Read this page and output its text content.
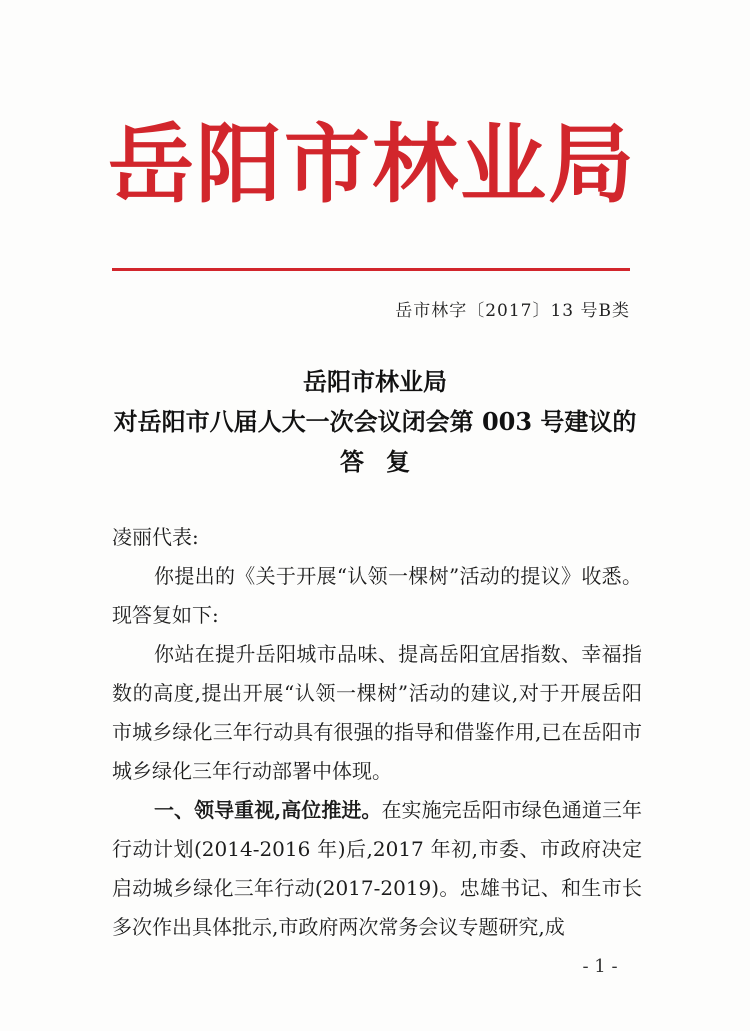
岳阳市林业局
岳市林字〔2017〕13 号B类
岳阳市林业局
对岳阳市八届人大一次会议闭会第 003 号建议的
答复

凌丽代表:

你提出的《关于开展“认领一棵树”活动的提议》收悉。现答复如下:

你站在提升岳阳城市品味、提高岳阳宜居指数、幸福指数的高度,提出开展“认领一棵树”活动的建议,对于开展岳阳市城乡绿化三年行动具有很强的指导和借鉴作用,已在岳阳市城乡绿化三年行动部署中体现。

一、领导重视,高位推进。在实施完岳阳市绿色通道三年行动计划(2014-2016 年)后,2017 年初,市委、市政府决定启动城乡绿化三年行动(2017-2019)。忠雄书记、和生市长多次作出具体批示,市政府两次常务会议专题研究,成

- 1 -
